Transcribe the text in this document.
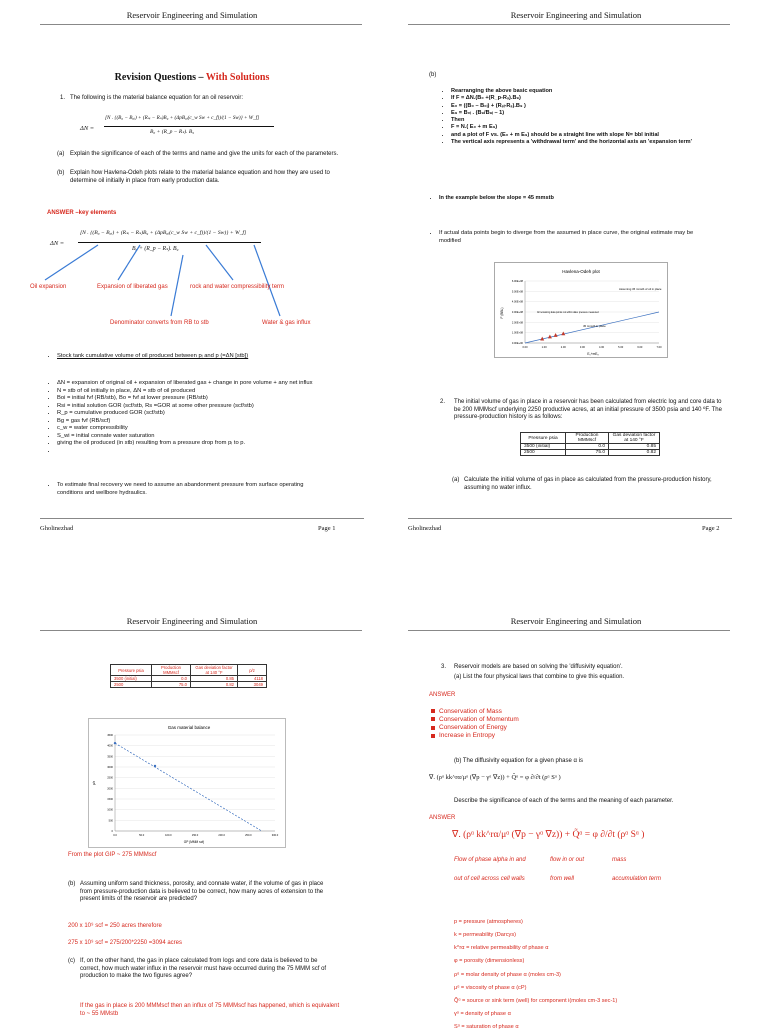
Reservoir Engineering and Simulation
Revision Questions – With Solutions
1. The following is the material balance equation for an oil reservoir:
ΔN =
[N . {(B₀ − B₀ᵢ) + (Rₛᵢ − Rₛ)B₉ + (ΔpB₀ᵢ(c_w Sw + c_f))/(1 − Sw)} + W_f]
B₀ + (R_p − Rₛ). B₉
(a) Explain the significance of each of the terms and name and give the units for each of the parameters.
(b) Explain how Havlena-Odeh plots relate to the material balance equation and how they are used to determine oil initially in place from early production data.
ANSWER –key elements
ΔN =
[N . {(B₀ − B₀ᵢ) + (Rₛᵢ − Rₛ)B₉ + (ΔpB₀ᵢ(c_w Sw + c_f))/(1 − Sw)} + W_f]
B₀ + (R_p − Rₛ). B₉
Oil expansion	Expansion of liberated gas	rock and water compressibility term
Denominator converts from RB to stb	Water & gas influx
• Stock tank cumulative volume of oil produced between pᵢ and p (=ΔN [stb])
• ΔN = expansion of original oil + expansion of liberated gas + change in pore volume + any net influx
• N = stb of oil initially in place, ΔN = stb of oil produced
• Boi = initial fvf (RB/stb), Bo = fvf at lower pressure (RB/stb)
• Rsi = initial solution GOR (scf/stb, Rs =GOR at some other pressure (scf/stb)
• R_p = cumulative produced GOR (scf/stb)
• Bg = gas fvf (RB/scf)
• c_w = water compressibility
• S_wi = initial connate water saturation
• giving the oil produced (in stb) resulting from a pressure drop from pᵢ to p.
•
• To estimate final recovery we need to assume an abandonment pressure from surface operating conditions and wellbore hydraulics.
Gholinezhad	Page 1
Reservoir Engineering and Simulation
(b)
• Rearranging the above basic equation
• If F = ΔN.(B₀ +(R_p-Rₛ).B₉)
• E₀ = ((B₀ – B₀ᵢ) + (Rₛᵢ-Rₛ).B₉ )
• E₉ = B₀ᵢ . (B₉/B₉ᵢ – 1)
• Then
• F = N.( E₀ + m E₉)
• and a plot of F vs. (E₀ + m E₉) should be a straight line with slope N= bbl initial
• The vertical axis represents a 'withdrawal term' and the horizontal axis an 'expansion term'
• In the example below the slope = 45 mmstb
• If actual data points begin to diverge from the assumed in place curve, the original estimate may be modified
Havlena-Odeh plot
F (BBL)
E₀+mE₉
0.00E+00
1.00E+08
2.00E+08
3.00E+08
4.00E+08
5.00E+08
6.00E+08
0.00	1.00	2.00	3.00	4.00	5.00	6.00	7.00
Assuming 45 mmstb of oil in place
45 mmstb in place
All remaining data points not within data: pressure measured
2. The initial volume of gas in place in a reservoir has been calculated from electric log and core data to be 200 MMMscf underlying 2250 productive acres, at an initial pressure of 3500 psia and 140 ºF. The pressure-production history is as follows:
Pressure psia	Production MMMscf	Gas deviation factor at 140 °F
3500 (initial)	0.0	0.85
2500	75.0	0.82
(a) Calculate the initial volume of gas in place as calculated from the pressure-production history, assuming no water influx.
Gholinezhad	Page 2
Reservoir Engineering and Simulation
Pressure psia	Production MMMscf	Gas deviation factor at 140 °F	p/z
3500 (initial)	0.0	0.85	4118
2500	75.0	0.82	3049
Gas material balance
p/z
GP (MMM scf)
0
500
1000
1500
2000
2500
3000
3500
4000
4500
0.0	50.0	100.0	150.0	200.0	250.0	300.0
From the plot GIP ~ 275 MMMscf
(b) Assuming uniform sand thickness, porosity, and connate water, if the volume of gas in place from pressure-production data is believed to be correct, how many acres of extension to the present limits of the reservoir are predicted?
200 x 10⁹ scf = 250 acres therefore
275 x 10⁹ scf = 275/200*2250 =3094 acres
(c) If, on the other hand, the gas in place calculated from logs and core data is believed to be correct, how much water influx in the reservoir must have occurred during the 75 MMM scf of production to make the two figures agree?
If the gas in place is 200 MMMscf then an influx of 75 MMMscf has happened, which is equivalent to ~ 55 MMstb
Reservoir Engineering and Simulation
3. Reservoir models are based on solving the 'diffusivity equation'.
(a) List the four physical laws that combine to give this equation.
ANSWER
Conservation of Mass
Conservation of Momentum
Conservation of Energy
Increase in Entropy
(b) The diffusivity equation for a given phase α is
∇. (ρᵅ kk^rα/μᵅ (∇p − γᵅ ∇z)) + Q̃ᵅ = φ ∂/∂t (ρᵅ Sᵅ )
Describe the significance of each of the terms and the meaning of each parameter.
ANSWER
∇. (ρᵅ kk^rα/μᵅ (∇p − γᵅ ∇z)) + Q̃ᵅ = φ ∂/∂t (ρᵅ Sᵅ )
Flow of phase alpha in and
out of cell across cell walls
flow in or out
from well
mass
accumulation term
p = pressure (atmospheres)
k = permeability (Darcys)
k^rα = relative permeability of phase α
φ = porosity (dimensionless)
ρᵅ = molar density of phase α (moles cm-3)
μᵅ = viscosity of phase α (cP)
Q̃ᵅ = source or sink term (well) for component i(moles cm-3 sec-1)
γᵅ = density of phase α
Sᵅ = saturation of phase α
